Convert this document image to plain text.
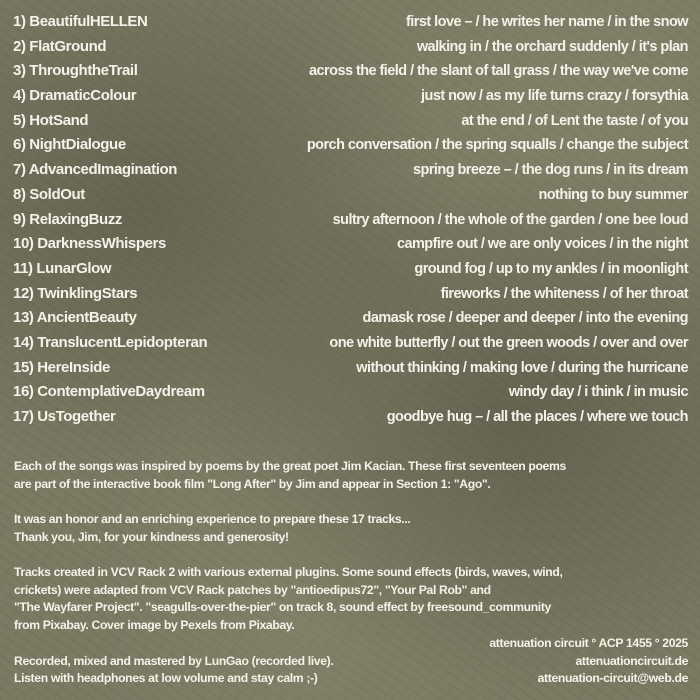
1) BeautifulHELLEN	first love – / he writes her name / in the snow
2) FlatGround	walking in / the orchard suddenly / it's plan
3) ThroughtheTrail	across the field / the slant of tall grass / the way we've come
4) DramaticColour	just now / as my life turns crazy / forsythia
5) HotSand	at the end / of Lent the taste / of you
6) NightDialogue	porch conversation / the spring squalls / change the subject
7) AdvancedImagination	spring breeze – / the dog runs / in its dream
8) SoldOut	nothing to buy summer
9) RelaxingBuzz	sultry afternoon / the whole of the garden / one bee loud
10) DarknessWhispers	campfire out / we are only voices / in the night
11) LunarGlow	ground fog / up to my ankles / in moonlight
12) TwinklingStars	fireworks / the whiteness / of her throat
13) AncientBeauty	damask rose / deeper and deeper / into the evening
14) TranslucentLepidopteran	one white butterfly / out the green woods / over and over
15) HereInside	without thinking / making love / during the hurricane
16) ContemplativeDaydream	windy day / i think / in music
17) UsTogether	goodbye hug – / all the places / where we touch

Each of the songs was inspired by poems by the great poet Jim Kacian. These first seventeen poems
are part of the interactive book film "Long After" by Jim and appear in Section 1: "Ago".

It was an honor and an enriching experience to prepare these 17 tracks...
Thank you, Jim, for your kindness and generosity!

Tracks created in VCV Rack 2 with various external plugins. Some sound effects (birds, waves, wind,
crickets) were adapted from VCV Rack patches by "antioedipus72", "Your Pal Rob" and
"The Wayfarer Project". "seagulls-over-the-pier" on track 8, sound effect by freesound_community
from Pixabay. Cover image by Pexels from Pixabay.

attenuation circuit ° ACP 1455 ° 2025
Recorded, mixed and mastered by LunGao (recorded live).	attenuationcircuit.de
Listen with headphones at low volume and stay calm ;-)	attenuation-circuit@web.de
